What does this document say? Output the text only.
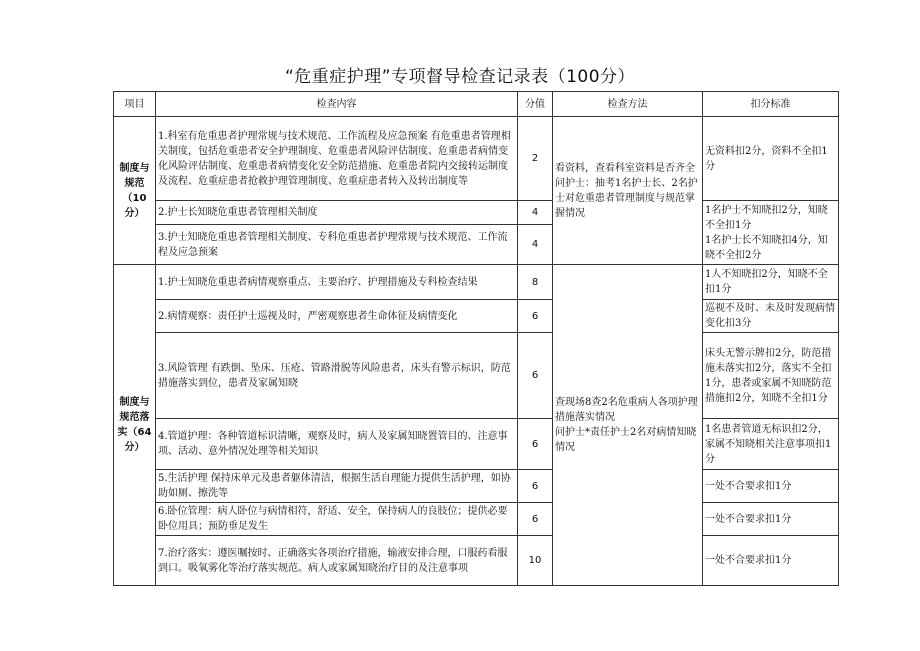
“危重症护理”专项督导检查记录表（100分）
项目	检查内容	分值	检查方法	扣分标准
制度与规范（10分）	1.科室有危重患者护理常规与技术规范、工作流程及应急预案 有危重患者管理相关制度，包括危重患者安全护理制度、危重患者风险评估制度、危重患者病情变化风险评估制度、危重患者病情变化安全防范措施、危重患者院内交接转运制度及流程、危重症患者抢救护理管理制度、危重症患者转入及转出制度等	2	看资料，查看科室资料是否齐全
问护士：抽考1名护士长、2名护士对危重患者管理制度与规范掌握情况	无资料扣2分，资料不全扣1分
	2.护士长知晓危重患者管理相关制度	4		1名护士不知晓扣2分，知晓不全扣1分
1名护士长不知晓扣4分，知晓不全扣2分
	3.护士知晓危重患者管理相关制度、专科危重患者护理常规与技术规范、工作流程及应急预案	4		
制度与规范落实（64分）	1.护士知晓危重患者病情观察重点、主要治疗、护理措施及专科检查结果	8	查现场8查2名危重病人各项护理措施落实情况
问护士*责任护士2名对病情知晓情况	1人不知晓扣2分，知晓不全扣1分
	2.病情观察：责任护士巡视及时，严密观察患者生命体征及病情变化	6		巡视不及时、未及时发现病情变化扣3分
	3.风险管理 有跌倒、坠床、压疮、管路滑脱等风险患者，床头有警示标识，防范措施落实到位，患者及家属知晓	6		床头无警示牌扣2分，防范措施未落实扣2分，落实不全扣1分，患者或家属不知晓防范措施扣2分，知晓不全扣1分
	4.管道护理：各种管道标识清晰，观察及时，病人及家属知晓置管目的、注意事项、活动、意外情况处理等相关知识	6		1名患者管道无标识扣2分，家属不知晓相关注意事项扣1分
	5.生活护理 保持床单元及患者躯体清洁，根据生活自理能力提供生活护理，如协助如厕、擦洗等	6		一处不合要求扣1分
	6.卧位管理：病人卧位与病情相符，舒适、安全，保持病人的良肢位；提供必要卧位用具；预防垂足发生	6		一处不合要求扣1分
	7.治疗落实：遵医嘱按时、正确落实各项治疗措施，输液安排合理，口服药看服到口。吸氧雾化等治疗落实规范。病人或家属知晓治疗目的及注意事项	10		一处不合要求扣1分
